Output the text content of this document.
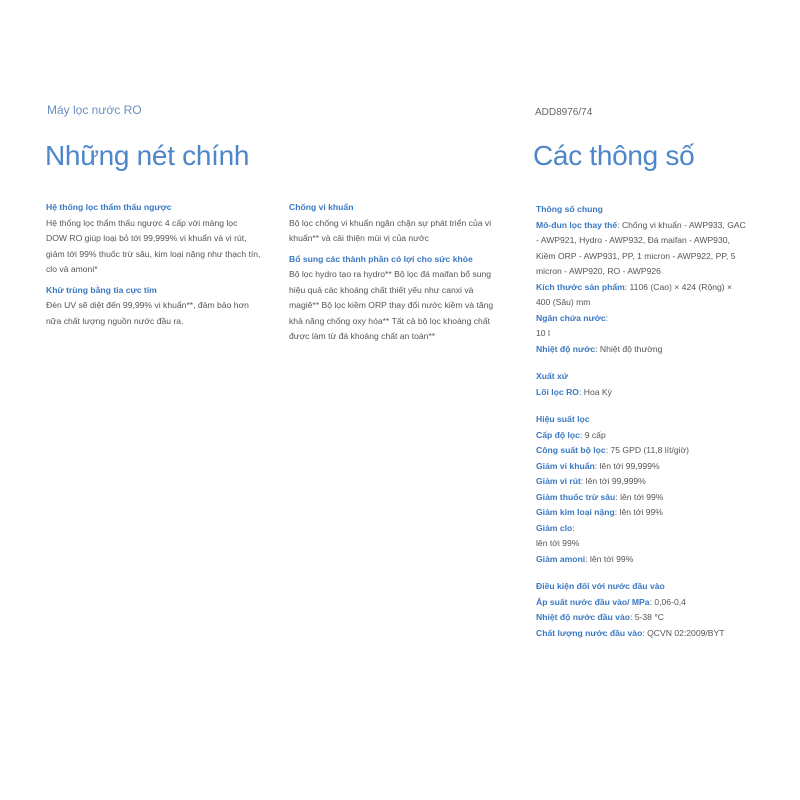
Máy lọc nước RO	ADD8976/74
Những nét chính	Các thông số
Hệ thống lọc thẩm thấu ngược
Hệ thống lọc thẩm thấu ngược 4 cấp với màng lọc
DOW RO giúp loại bỏ tới 99,999% vi khuẩn và vi rút,
giảm tới 99% thuốc trừ sâu, kim loại nặng như thạch tín,
clo và amoni*
Khử trùng bằng tia cực tím
Đèn UV sẽ diệt đến 99,99% vi khuẩn**, đảm bảo hơn
nữa chất lượng nguồn nước đầu ra.
Chống vi khuẩn
Bộ lọc chống vi khuẩn ngăn chặn sự phát triển của vi
khuẩn** và cải thiện mùi vị của nước
Bổ sung các thành phần có lợi cho sức khỏe
Bộ lọc hydro tạo ra hydro** Bộ lọc đá maifan bổ sung
hiệu quả các khoáng chất thiết yếu như canxi và
magiê** Bộ lọc kiềm ORP thay đổi nước kiềm và tăng
khả năng chống oxy hóa** Tất cả bộ lọc khoáng chất
được làm từ đá khoáng chất an toàn**
Thông số chung
Mô-đun lọc thay thế: Chống vi khuẩn - AWP933, GAC
- AWP921, Hydro - AWP932, Đá maifan - AWP930,
Kiềm ORP - AWP931, PP, 1 micron - AWP922, PP, 5
micron - AWP920, RO - AWP926
Kích thước sản phẩm: 1106 (Cao) × 424 (Rộng) ×
400 (Sâu) mm
Ngăn chứa nước:
10 l
Nhiệt độ nước: Nhiệt độ thường
Xuất xứ
Lõi lọc RO: Hoa Kỳ
Hiệu suất lọc
Cấp độ lọc: 9 cấp
Công suất bộ lọc: 75 GPD (11,8 lít/giờ)
Giảm vi khuẩn: lên tới 99,999%
Giảm vi rút: lên tới 99,999%
Giảm thuốc trừ sâu: lên tới 99%
Giảm kim loại nặng: lên tới 99%
Giảm clo:
lên tới 99%
Giảm amoni: lên tới 99%
Điều kiện đối với nước đầu vào
Áp suất nước đầu vào/ MPa: 0,06-0,4
Nhiệt độ nước đầu vào: 5-38 °C
Chất lượng nước đầu vào: QCVN 02:2009/BYT
